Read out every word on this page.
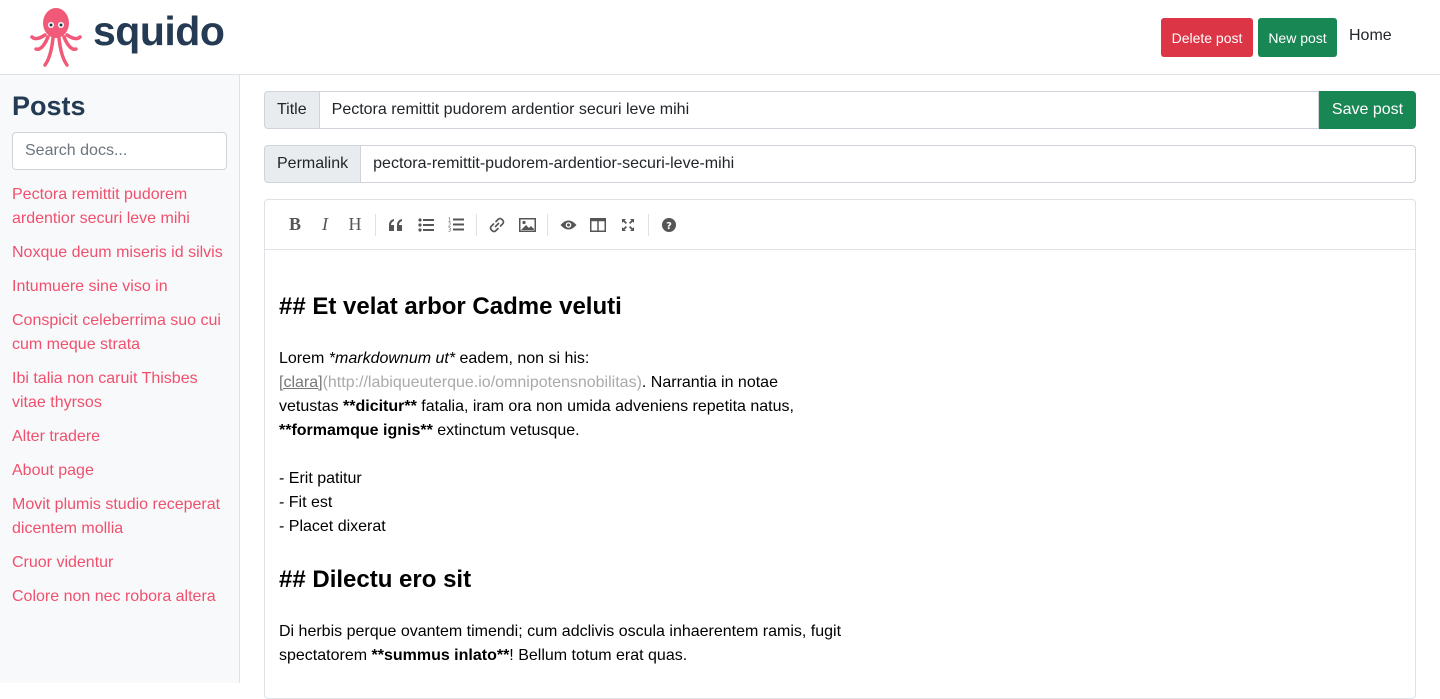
squido	Delete post	New post	Home
Posts
Search docs...
Pectora remittit pudorem ardentior securi leve mihi
Noxque deum miseris id silvis
Intumuere sine viso in
Conspicit celeberrima suo cui cum meque strata
Ibi talia non caruit Thisbes vitae thyrsos
Alter tradere
About page
Movit plumis studio receperat dicentem mollia
Cruor videntur
Colore non nec robora altera
Title
Pectora remittit pudorem ardentior securi leve mihi	Save post
Permalink
pectora-remittit-pudorem-ardentior-securi-leve-mihi
B I H	1
2
3	?
## Et velat arbor Cadme veluti
Lorem *markdownum ut* eadem, non si his:
[clara](http://labiqueuterque.io/omnipotensnobilitas). Narrantia in notae
vetustas **dicitur** fatalia, iram ora non umida adveniens repetita natus,
**formamque ignis** extinctum vetusque.
- Erit patitur
- Fit est
- Placet dixerat
## Dilectu ero sit
Di herbis perque ovantem timendi; cum adclivis oscula inhaerentem ramis, fugit
spectatorem **summus inlato**! Bellum totum erat quas.
